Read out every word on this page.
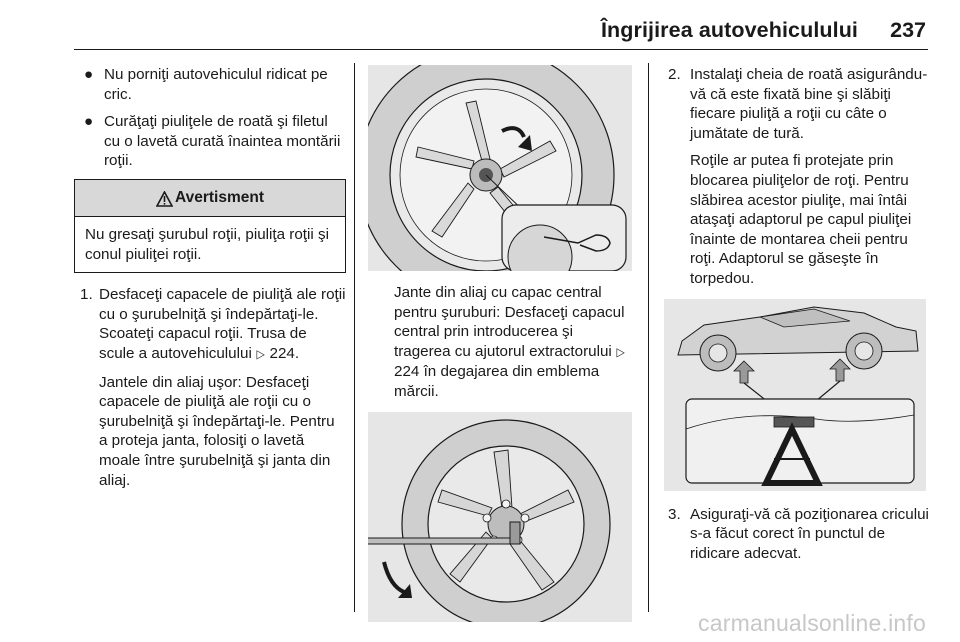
Îngrijirea autovehiculului 237
● Nu porniţi autovehiculul ridicat pe cric.
● Curăţaţi piuliţele de roată şi filetul cu o lavetă curată înaintea montării roţii.
Avertisment
Nu gresaţi şurubul roţii, piuliţa roţii şi conul piuliţei roţii.
1. Desfaceţi capacele de piuliţă ale roţii cu o şurubelniţă şi îndepărtaţi-le. Scoateţi capacul roţii. Trusa de scule a autovehiculului ▷ 224.

Jantele din aliaj uşor: Desfaceţi capacele de piuliţă ale roţii cu o şurubelniţă şi îndepărtaţi-le. Pentru a proteja janta, folosiţi o lavetă moale între şurubelniţă şi janta din aliaj.

Jante din aliaj cu capac central pentru şuruburi: Desfaceţi capacul central prin introducerea şi tragerea cu ajutorul extractorului ▷ 224 în degajarea din emblema mărcii.

2. Instalaţi cheia de roată asigurându-vă că este fixată bine şi slăbiţi fiecare piuliţă a roţii cu câte o jumătate de tură.

Roţile ar putea fi protejate prin blocarea piuliţelor de roţi. Pentru slăbirea acestor piuliţe, mai întâi ataşaţi adaptorul pe capul piuliţei înainte de montarea cheii pentru roţi. Adaptorul se găseşte în torpedou.

3. Asiguraţi-vă că poziţionarea cricului s-a făcut corect în punctul de ridicare adecvat.

carmanualsonline.info
